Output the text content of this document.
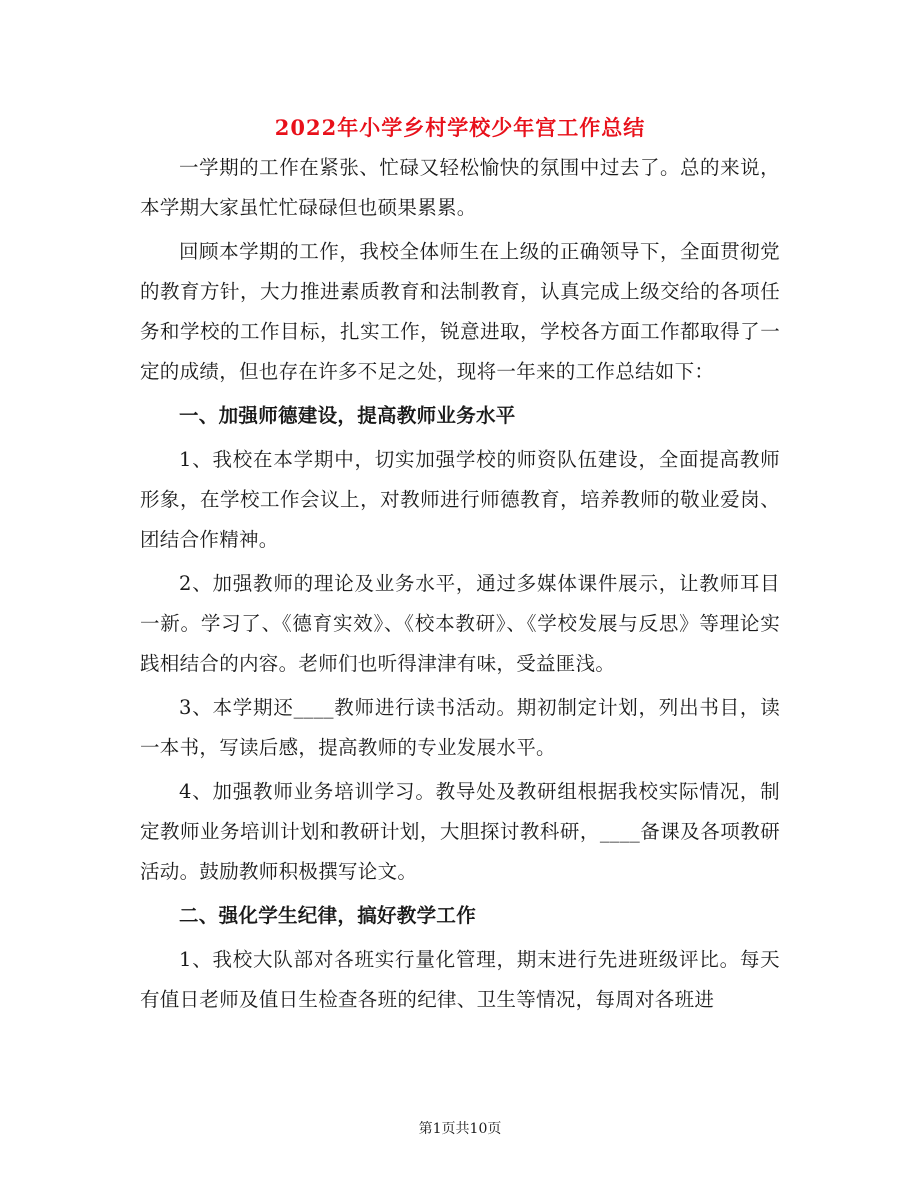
2022年小学乡村学校少年宫工作总结

一学期的工作在紧张、忙碌又轻松愉快的氛围中过去了。总的来说，本学期大家虽忙忙碌碌但也硕果累累。

回顾本学期的工作，我校全体师生在上级的正确领导下，全面贯彻党的教育方针，大力推进素质教育和法制教育，认真完成上级交给的各项任务和学校的工作目标，扎实工作，锐意进取，学校各方面工作都取得了一定的成绩，但也存在许多不足之处，现将一年来的工作总结如下：

一、加强师德建设，提高教师业务水平

1、我校在本学期中，切实加强学校的师资队伍建设，全面提高教师形象，在学校工作会议上，对教师进行师德教育，培养教师的敬业爱岗、团结合作精神。

2、加强教师的理论及业务水平，通过多媒体课件展示，让教师耳目一新。学习了、《德育实效》、《校本教研》、《学校发展与反思》等理论实践相结合的内容。老师们也听得津津有味，受益匪浅。

3、本学期还____教师进行读书活动。期初制定计划，列出书目，读一本书，写读后感，提高教师的专业发展水平。

4、加强教师业务培训学习。教导处及教研组根据我校实际情况，制定教师业务培训计划和教研计划，大胆探讨教科研，____备课及各项教研活动。鼓励教师积极撰写论文。

二、强化学生纪律，搞好教学工作

1、我校大队部对各班实行量化管理，期末进行先进班级评比。每天有值日老师及值日生检查各班的纪律、卫生等情况，每周对各班进

第1页共10页
